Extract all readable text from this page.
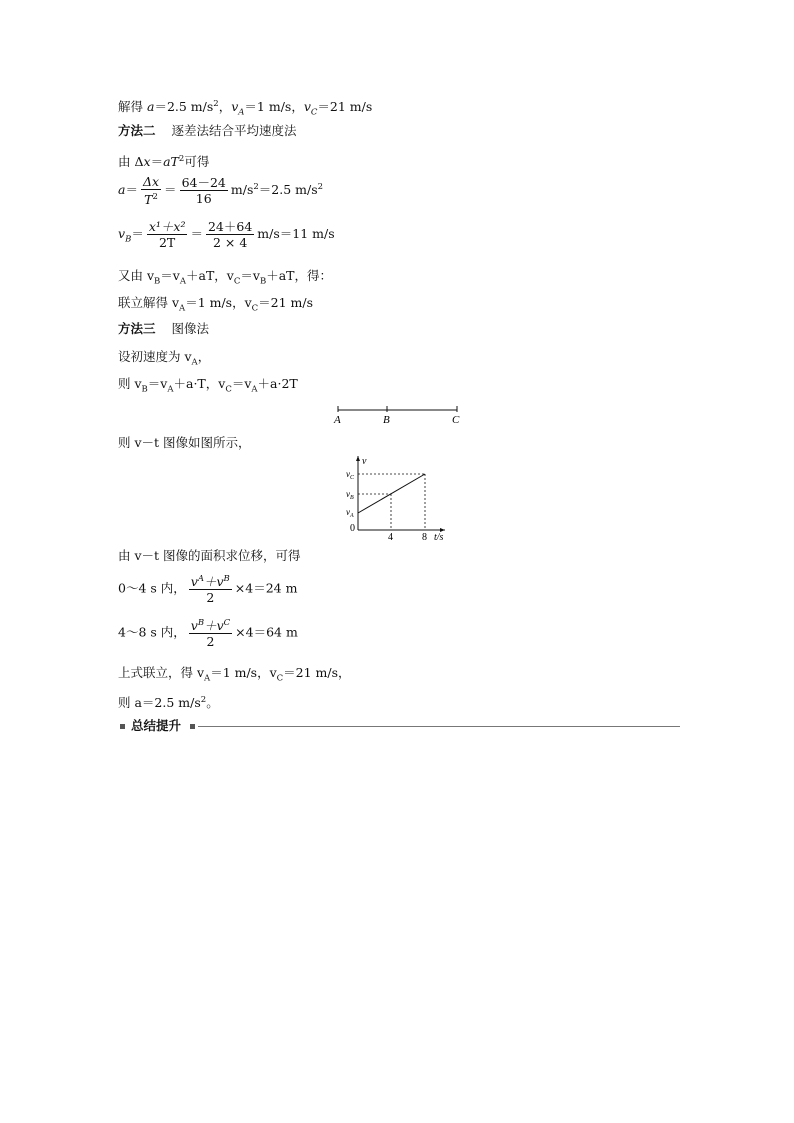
解得 a＝2.5 $m/s^2$，$v_A=1$ m/s，$v_C=21$ m/s
方法二 逐差法结合平均速度法
由 $\Delta x=aT^2$可得
$a= \frac{\Delta x}{T^2} = \frac{64-24}{16} m/s^2=2.5$ $m/s^2$
$v_B= \frac{\text{x¹＋x²}}{2T} = \frac{24+64}{2 \times 4} m/s=11$ m/s
又由 $v_B=v_A+aT$，$v_C=v_B+aT$，得：
联立解得 $v_A=1$ m/s，$v_C=21$ m/s
方法三 图像法
设初速度为 $v_A$，
则 $v_B=v_A+a\cdot T$，$v_C=v_A+a\cdot 2T$
A	B	C
则 v－t 图像如图所示，
v
$v_C$
$v_B$
$v_A$
0
4	8 t/s
由 v－t 图像的面积求位移，可得
0～4 s 内， $\frac{v^A+v^B}{2} \times 4=24$ m
4～8 s 内， $\frac{v^B+v^C}{2} \times 4=64$ m
上式联立，得 $v_A=1$ m/s，$v_C=21$ m/s，
则 a＝2.5 $m/s^2$。
总结提升
